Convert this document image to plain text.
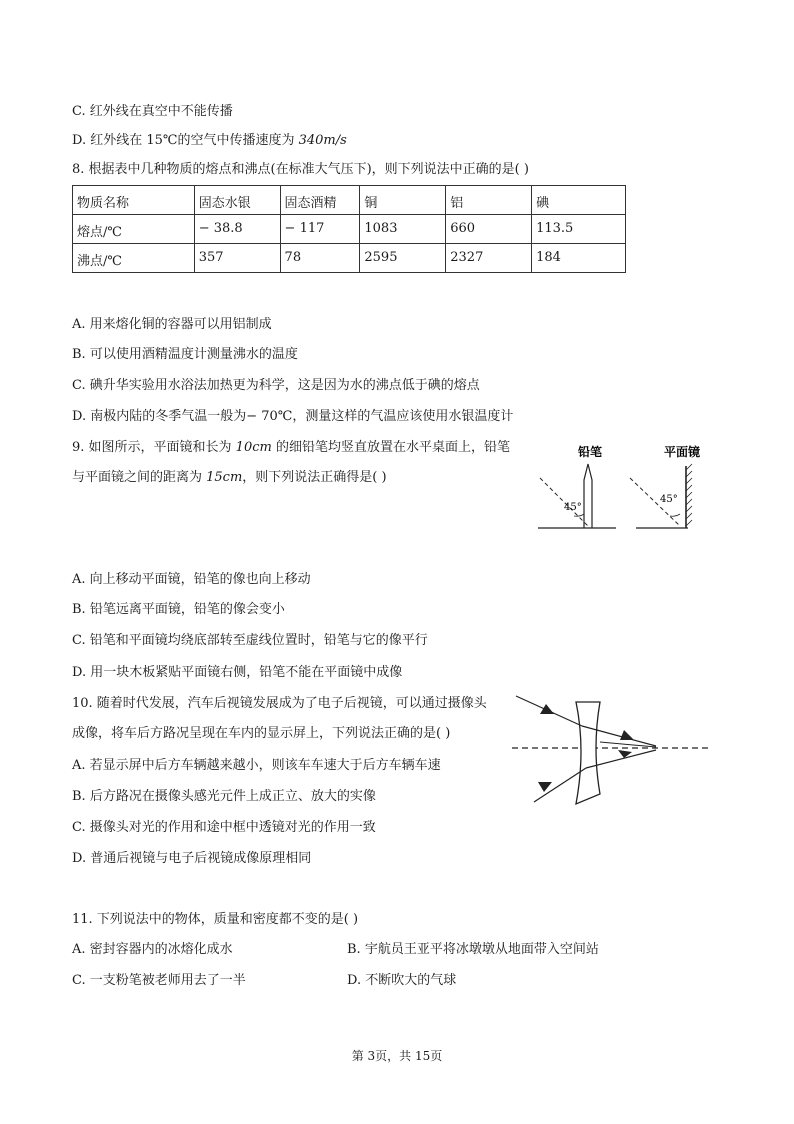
C. 红外线在真空中不能传播
D. 红外线在 15℃的空气中传播速度为 340m/s
8. 根据表中几种物质的熔点和沸点(在标准大气压下)，则下列说法中正确的是( )
物质名称	固态水银	固态酒精	铜	铝	碘
熔点/℃	− 38.8	− 117	1083	660	113.5
沸点/℃	357	78	2595	2327	184
A. 用来熔化铜的容器可以用铝制成
B. 可以使用酒精温度计测量沸水的温度
C. 碘升华实验用水浴法加热更为科学，这是因为水的沸点低于碘的熔点
D. 南极内陆的冬季气温一般为− 70℃，测量这样的气温应该使用水银温度计
9. 如图所示，平面镜和长为 10cm 的细铅笔均竖直放置在水平桌面上，铅笔
与平面镜之间的距离为 15cm，则下列说法正确得是( )
铅笔
45°
平面镜
45°
A. 向上移动平面镜，铅笔的像也向上移动
B. 铅笔远离平面镜，铅笔的像会变小
C. 铅笔和平面镜均绕底部转至虚线位置时，铅笔与它的像平行
D. 用一块木板紧贴平面镜右侧，铅笔不能在平面镜中成像
10. 随着时代发展，汽车后视镜发展成为了电子后视镜，可以通过摄像头
成像，将车后方路况呈现在车内的显示屏上，下列说法正确的是( )
A. 若显示屏中后方车辆越来越小，则该车车速大于后方车辆车速
B. 后方路况在摄像头感光元件上成正立、放大的实像
C. 摄像头对光的作用和途中框中透镜对光的作用一致
D. 普通后视镜与电子后视镜成像原理相同
11. 下列说法中的物体，质量和密度都不变的是( )
A. 密封容器内的冰熔化成水	B. 宇航员王亚平将冰墩墩从地面带入空间站
C. 一支粉笔被老师用去了一半	D. 不断吹大的气球
第 3页，共 15页
